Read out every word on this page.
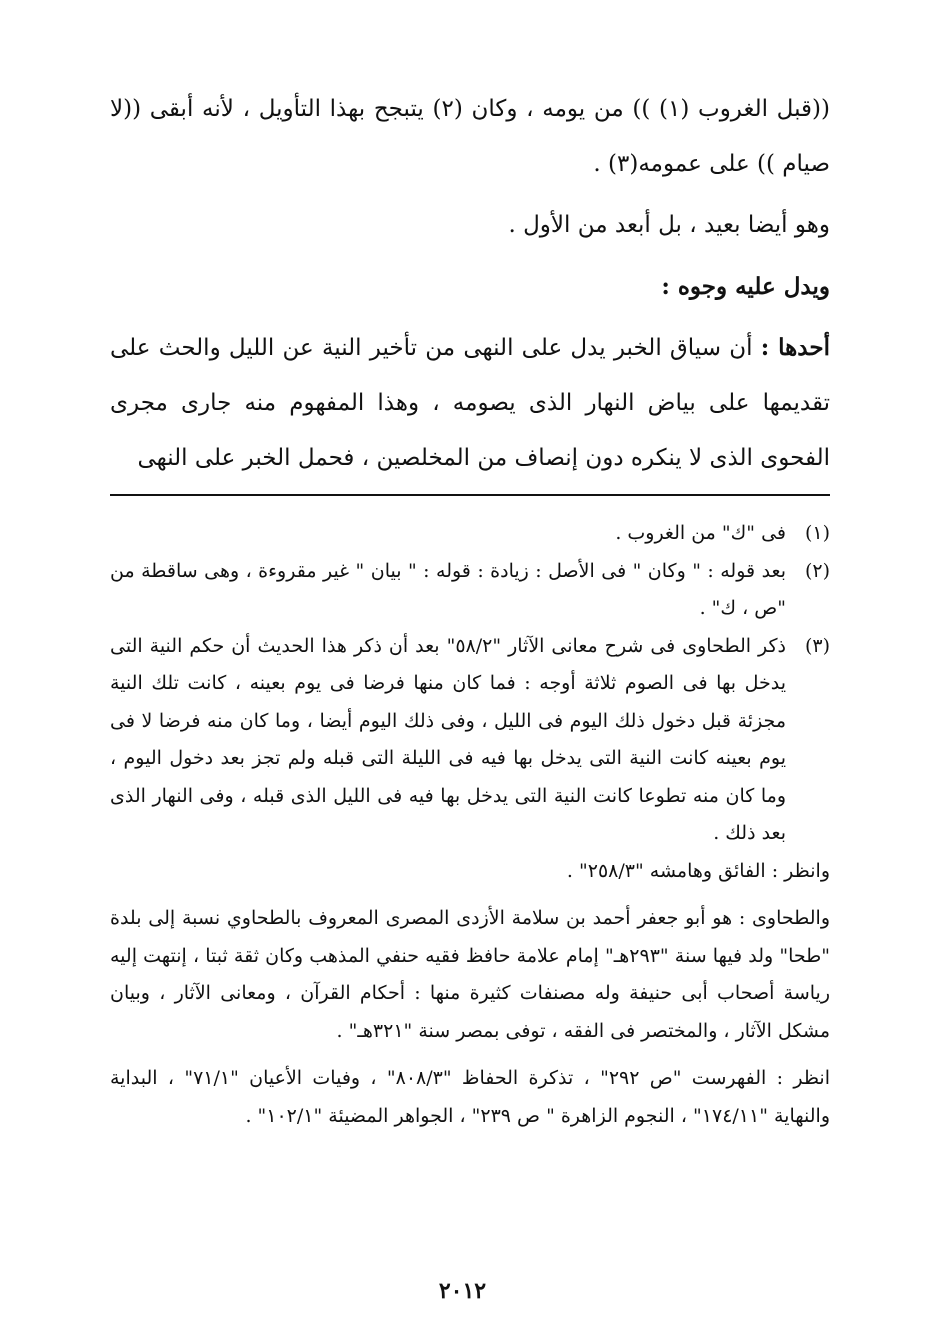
((قبل الغروب (١) )) من يومه ، وكان (٢) يتبجح بهذا التأويل ، لأنه أبقى ((لا صيام )) على عمومه(٣) .

وهو أيضا بعيد ، بل أبعد من الأول .

ويدل عليه وجوه :

أحدها : أن سياق الخبر يدل على النهى من تأخير النية عن الليل والحث على تقديمها على بياض النهار الذى يصومه ، وهذا المفهوم منه جارى مجرى الفحوى الذى لا ينكره دون إنصاف من المخلصين ، فحمل الخبر على النهى

(١)
فى "ك" من الغروب .
(٢)
بعد قوله : " وكان " فى الأصل : زيادة : قوله : " بيان " غير مقروءة ، وهى ساقطة من "ص ، ك" .
(٣)
ذكر الطحاوى فى شرح معانى الآثار "٥٨/٢" بعد أن ذكر هذا الحديث أن حكم النية التى يدخل بها فى الصوم ثلاثة أوجه : فما كان منها فرضا فى يوم بعينه ، كانت تلك النية مجزئة قبل دخول ذلك اليوم فى الليل ، وفى ذلك اليوم أيضا ، وما كان منه فرضا لا فى يوم بعينه كانت النية التى يدخل بها فيه فى الليلة التى قبله ولم تجز بعد دخول اليوم ، وما كان منه تطوعا كانت النية التى يدخل بها فيه فى الليل الذى قبله ، وفى النهار الذى بعد ذلك .

وانظر : الفائق وهامشه "٢٥٨/٣" .

والطحاوى : هو أبو جعفر أحمد بن سلامة الأزدى المصرى المعروف بالطحاوي نسبة إلى بلدة "طحا" ولد فيها سنة "٢٩٣هـ" إمام علامة حافظ فقيه حنفي المذهب وكان ثقة ثبتا ، إنتهت إليه رياسة أصحاب أبى حنيفة وله مصنفات كثيرة منها : أحكام القرآن ، ومعانى الآثار ، وبيان مشكل الآثار ، والمختصر فى الفقه ، توفى بمصر سنة "٣٢١هـ" .

انظر : الفهرست "ص ٢٩٢" ، تذكرة الحفاظ "٨٠٨/٣" ، وفيات الأعيان "٧١/١" ، البداية والنهاية "١٧٤/١١" ، النجوم الزاهرة " ص ٢٣٩" ، الجواهر المضيئة "١٠٢/١" .

٢٠١٢
